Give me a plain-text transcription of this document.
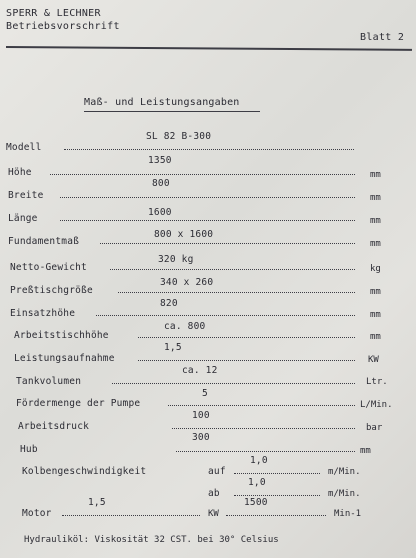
SPERR & LECHNER
Betriebsvorschrift
Blatt 2
Maß- und Leistungsangaben
Modell
SL 82 B-300
Höhe
1350
mm
Breite
800
mm
Länge
1600
mm
Fundamentmaß
800 x 1600
mm
Netto-Gewicht
320 kg
kg
Preßtischgröße
340 x 260
mm
Einsatzhöhe
820
mm
Arbeitstischhöhe
ca. 800
mm
Leistungsaufnahme
1,5
KW
Tankvolumen
ca. 12
Ltr.
Fördermenge der Pumpe
5
L/Min.
Arbeitsdruck
100
bar
Hub
300
mm
Kolbengeschwindigkeit	auf
1,0
m/Min.
ab
1,0
m/Min.
Motor
1,5
KW
1500
Min-1
Hydrauliköl: Viskosität 32 CST. bei 30° Celsius
